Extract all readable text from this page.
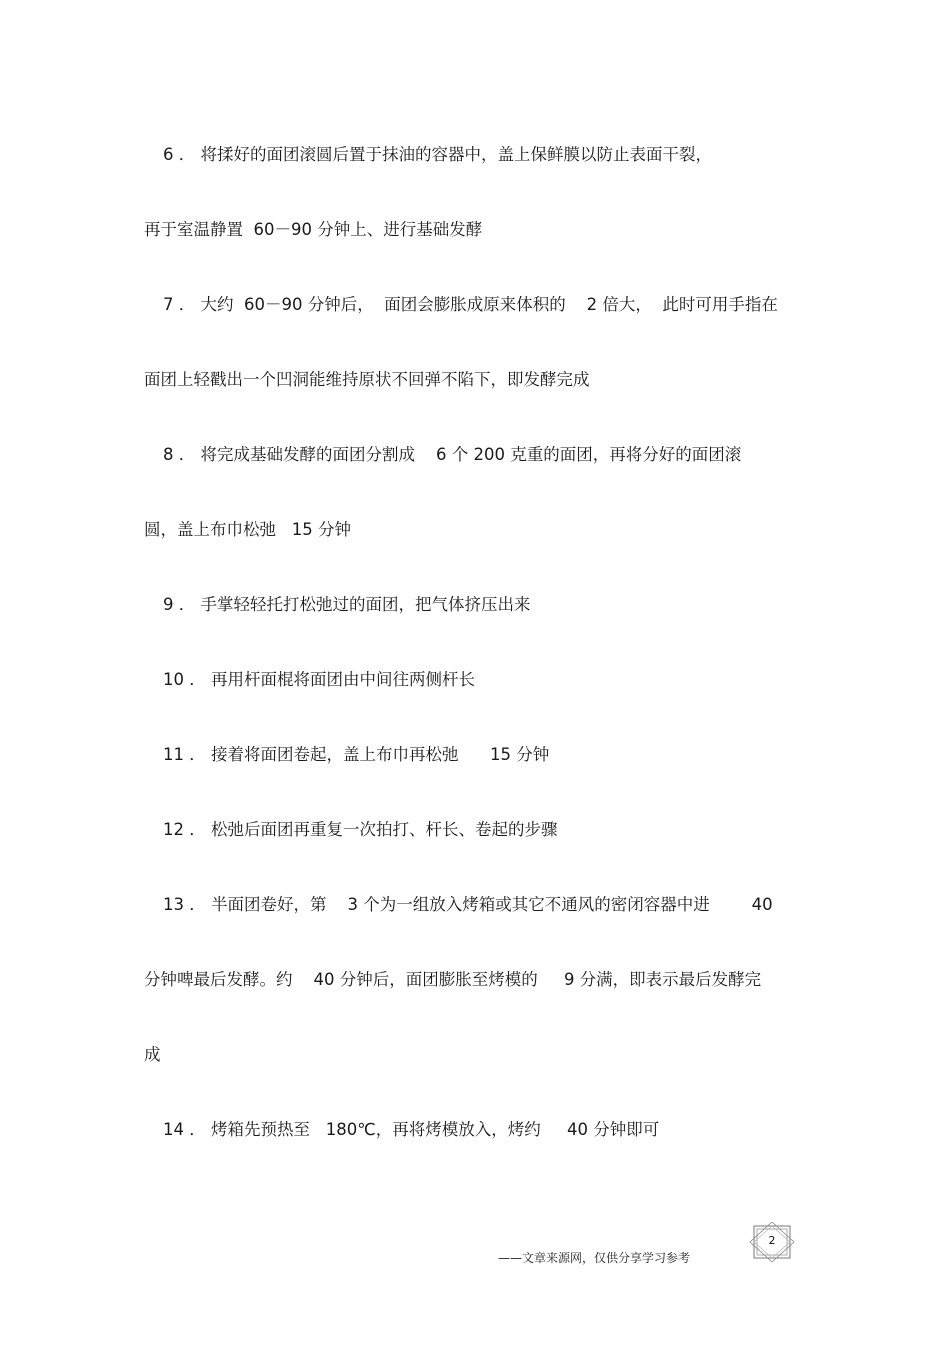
6 ． 将揉好的面团滚圆后置于抹油的容器中，盖上保鲜膜以防止表面干裂，
再于室温静置  60－90 分钟上、进行基础发酵
7 ． 大约  60－90 分钟后，  面团会膨胀成原来体积的    2 倍大，  此时可用手指在
面团上轻戳出一个凹洞能维持原状不回弹不陷下，即发酵完成
8 ． 将完成基础发酵的面团分割成    6 个 200 克重的面团，再将分好的面团滚
圆，盖上布巾松弛   15 分钟
9 ． 手掌轻轻托打松弛过的面团，把气体挤压出来
10 ． 再用杆面棍将面团由中间往两侧杆长
11 ． 接着将面团卷起，盖上布巾再松弛      15 分钟
12 ． 松弛后面团再重复一次拍打、杆长、卷起的步骤
13 ． 半面团卷好，第    3 个为一组放入烤箱或其它不通风的密闭容器中进        40
分钟啤最后发酵。约    40 分钟后，面团膨胀至烤模的     9 分满，即表示最后发酵完
成
14 ． 烤箱先预热至   180℃，再将烤模放入，烤约     40 分钟即可
2
——文章来源网，仅供分享学习参考
